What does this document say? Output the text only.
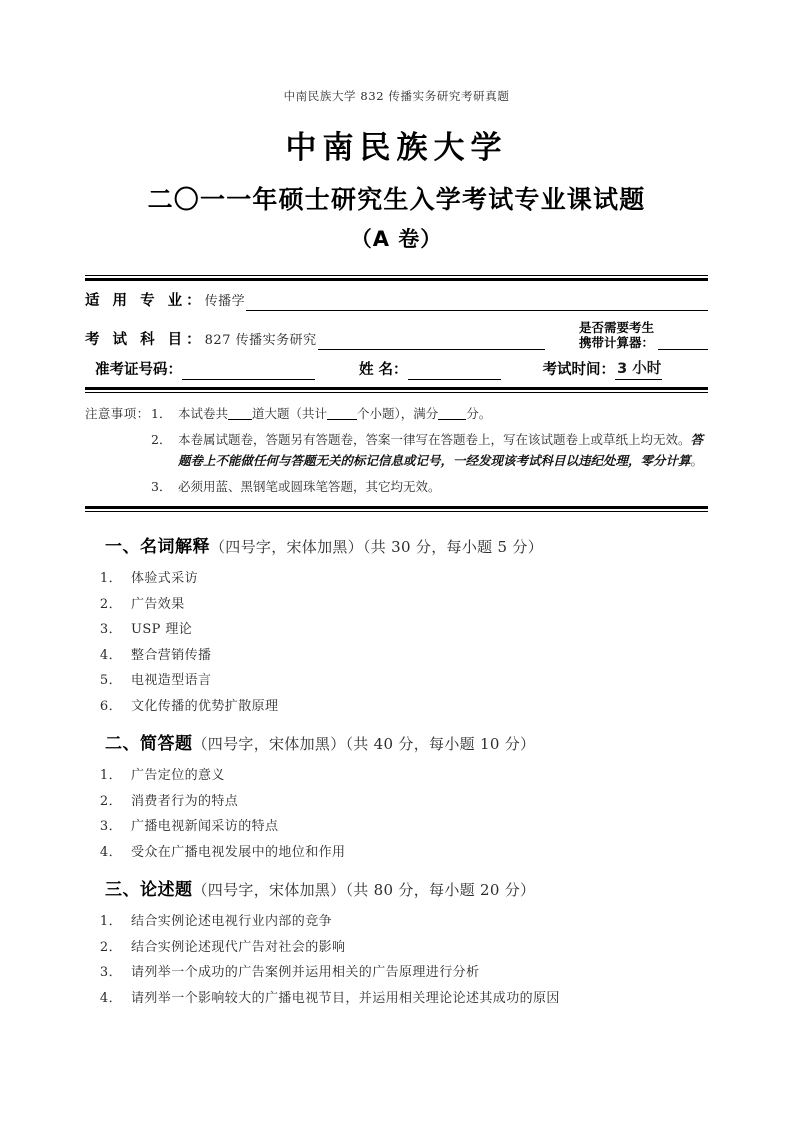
中南民族大学 832 传播实务研究考研真题
中南民族大学
二〇一一年硕士研究生入学考试专业课试题
（A 卷）
适 用 专 业： 传播学
考 试 科 目： 827 传播实务研究
是否需要考生
携带计算器：
准考证号码：	姓 名：	考试时间： 3 小时
注意事项： 1． 本试卷共 道大题（共计 个小题），满分 分。
2． 本卷属试题卷，答题另有答题卷，答案一律写在答题卷上，写在该试题卷上或草纸上均无效。答题卷上不能做任何与答题无关的标记信息或记号，一经发现该考试科目以违纪处理，零分计算。
3． 必须用蓝、黑钢笔或圆珠笔答题，其它均无效。
一、名词解释（四号字，宋体加黑）（共 30 分，每小题 5 分）
1． 体验式采访
2． 广告效果
3． USP 理论
4． 整合营销传播
5． 电视造型语言
6． 文化传播的优势扩散原理
二、简答题（四号字，宋体加黑）（共 40 分，每小题 10 分）
1． 广告定位的意义
2． 消费者行为的特点
3． 广播电视新闻采访的特点
4． 受众在广播电视发展中的地位和作用
三、论述题（四号字，宋体加黑）（共 80 分，每小题 20 分）
1． 结合实例论述电视行业内部的竞争
2． 结合实例论述现代广告对社会的影响
3． 请列举一个成功的广告案例并运用相关的广告原理进行分析
4． 请列举一个影响较大的广播电视节目，并运用相关理论论述其成功的原因
